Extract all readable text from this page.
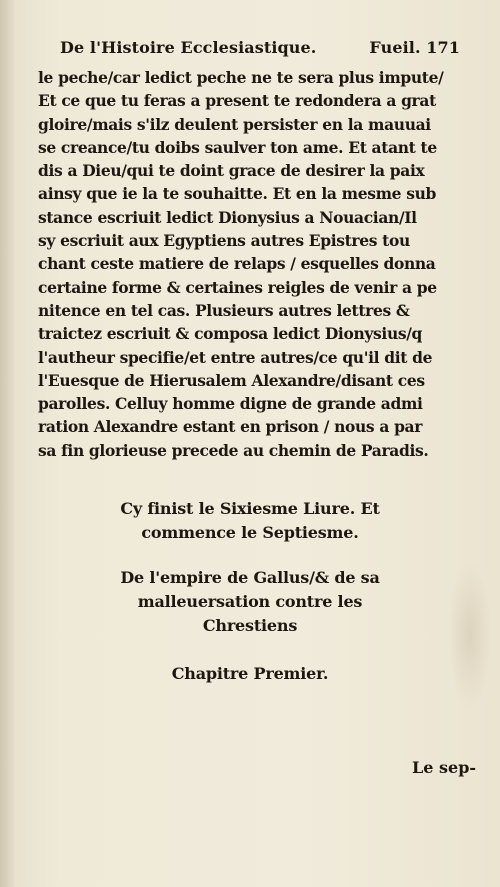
De l'Histoire Ecclesiastique.	Fueil. 171
le peche/car ledict peche ne te sera plus impute/
Et ce que tu feras a present te redondera a grat
gloire/mais s'ilz deulent persister en la mauuai
se creance/tu doibs saulver ton ame. Et atant te
dis a Dieu/qui te doint grace de desirer la paix
ainsy que ie la te souhaitte. Et en la mesme sub
stance escriuit ledict Dionysius a Nouacian/Il
sy escriuit aux Egyptiens autres Epistres tou
chant ceste matiere de relaps / esquelles donna
certaine forme & certaines reigles de venir a pe
nitence en tel cas. Plusieurs autres lettres &
traictez escriuit & composa ledict Dionysius/q
l'autheur specifie/et entre autres/ce qu'il dit de
l'Euesque de Hierusalem Alexandre/disant ces
parolles. Celluy homme digne de grande admi
ration Alexandre estant en prison / nous a par
sa fin glorieuse precede au chemin de Paradis.
Cy finist le Sixiesme Liure. Et
commence le Septiesme.
De l'empire de Gallus/& de sa
malleuersation contre les
Chrestiens
Chapitre Premier.
Le sep-
